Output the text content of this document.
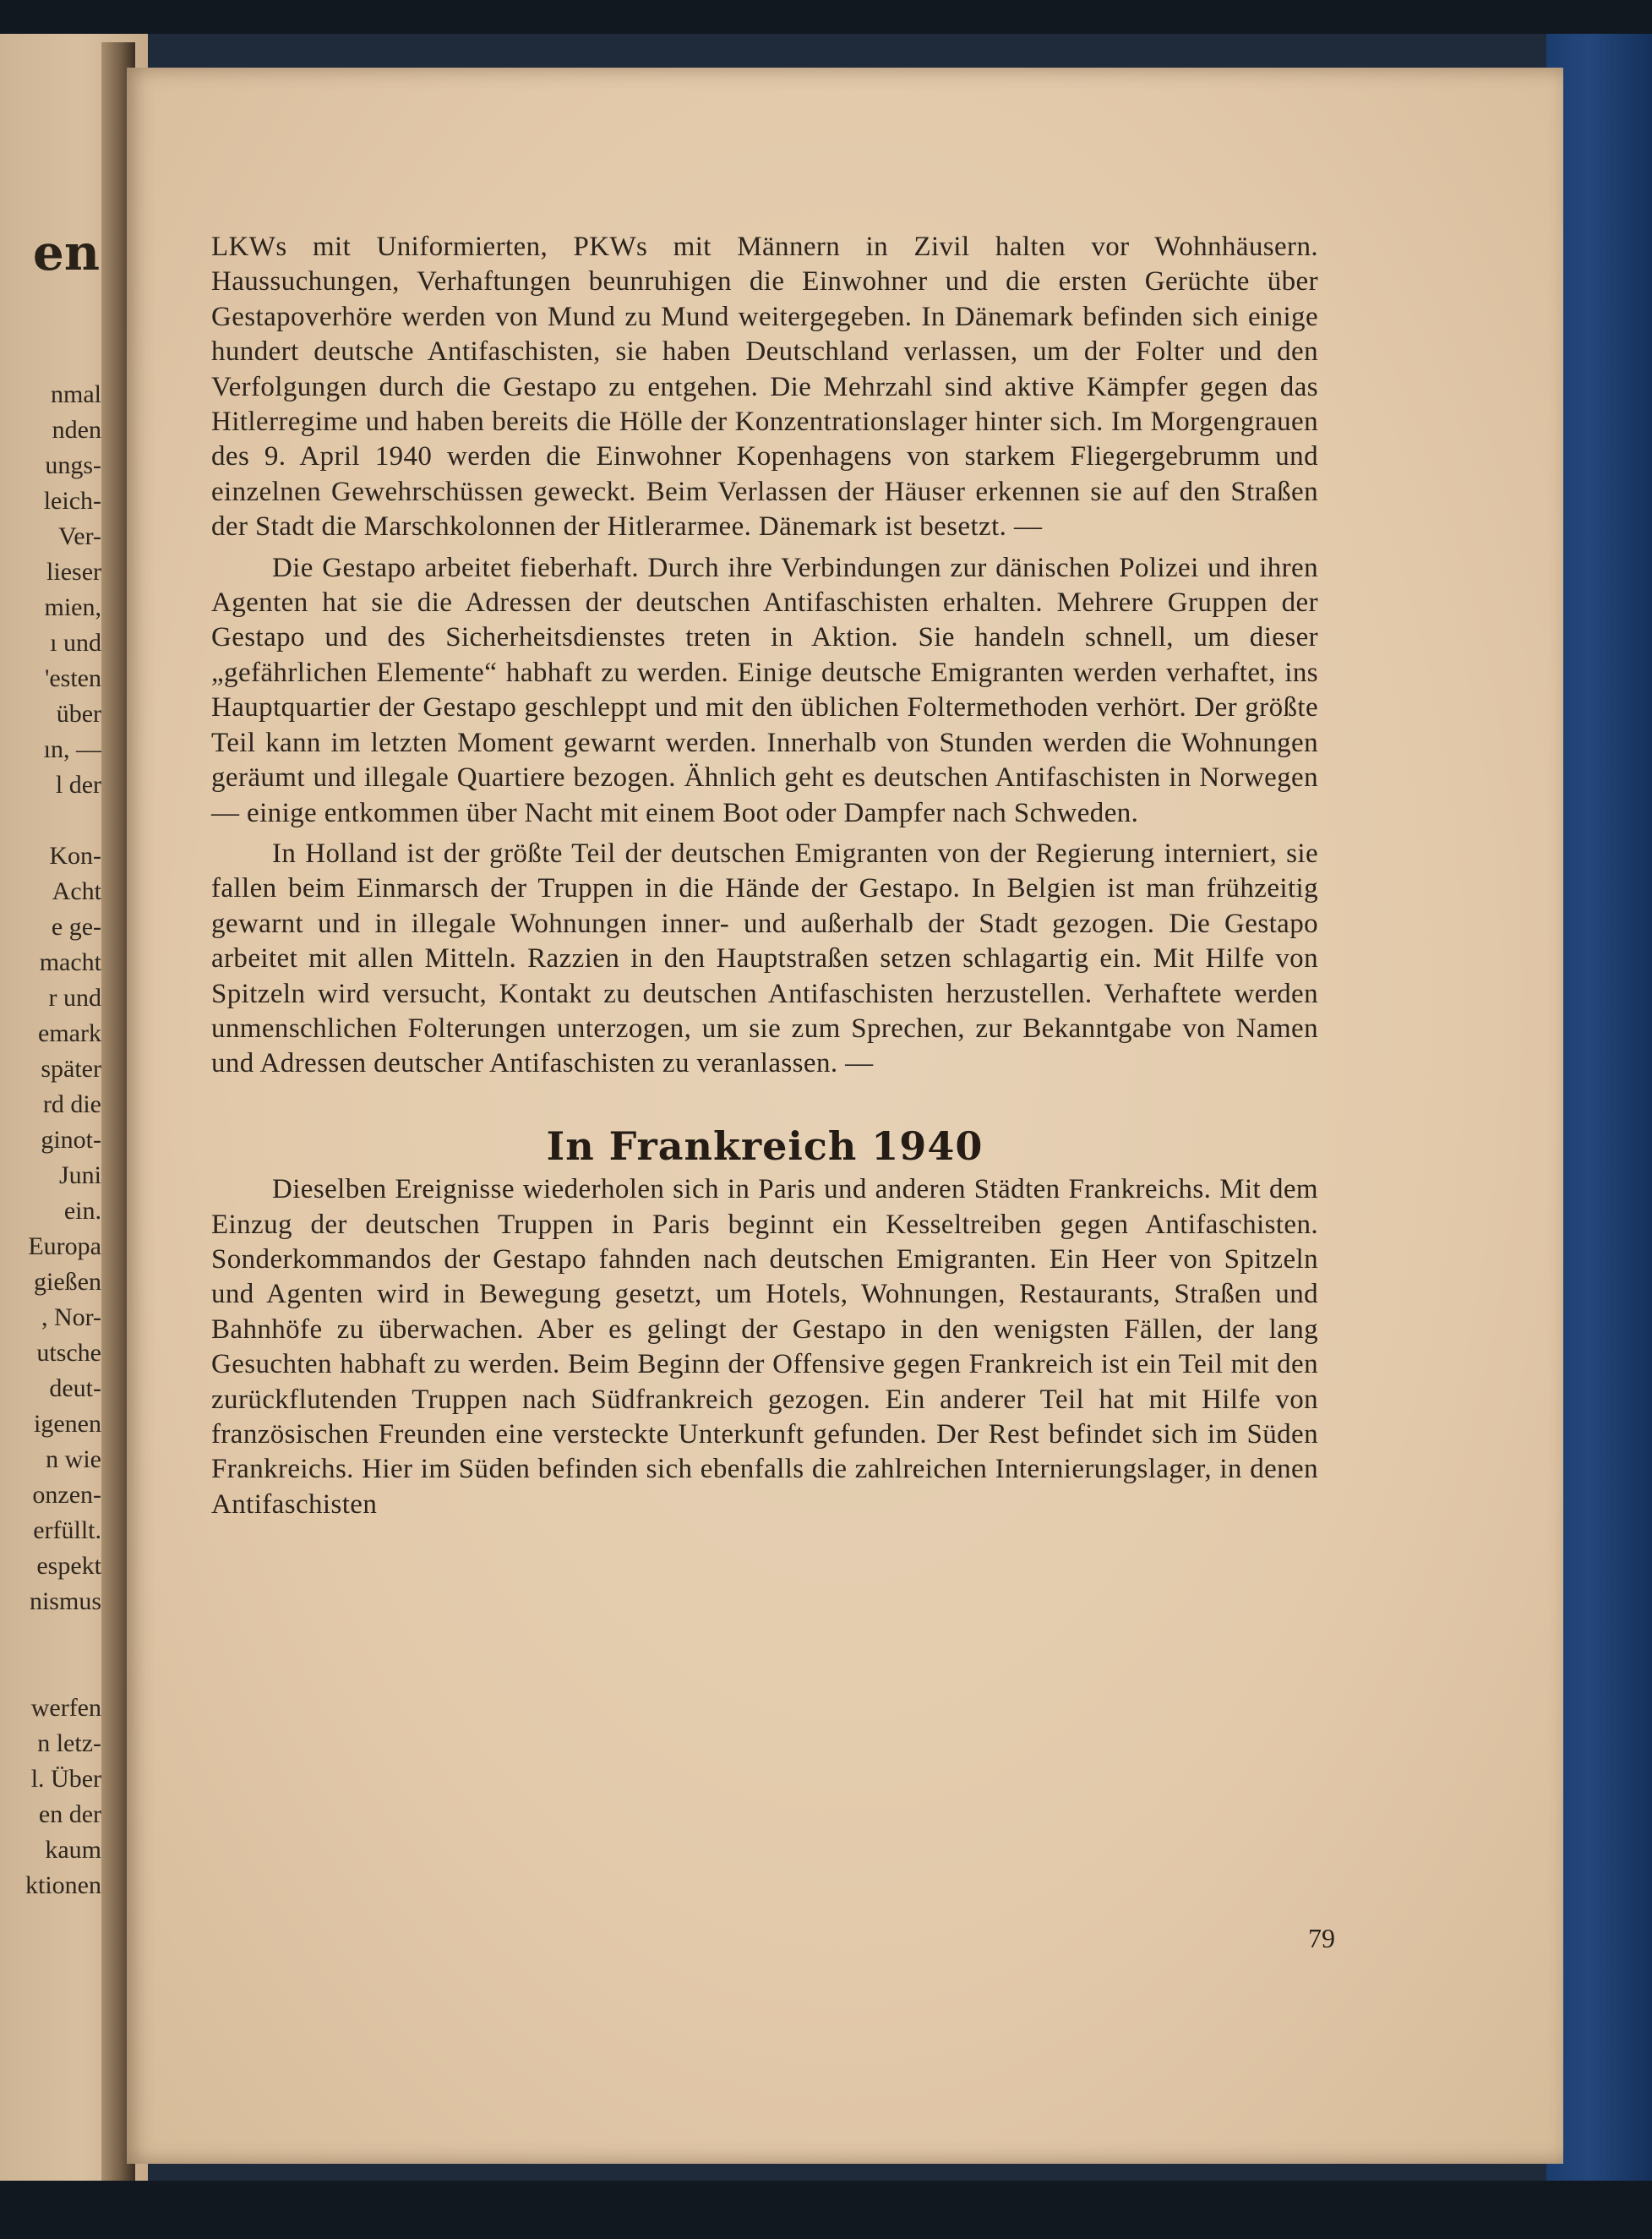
en
nmal
nden
ungs-
leich-
Ver-
lieser
mien,
ı und
'esten
über
ın, —
l der
Kon-
Acht
e ge-
macht
r und
emark
später
rd die
ginot-
Juni
ein.
Europa
gießen
, Nor-
utsche
deut-
igenen
n wie
onzen-
erfüllt.
espekt
nismus
werfen
n letz-
l. Über
en der
kaum
ktionen

LKWs mit Uniformierten, PKWs mit Männern in Zivil halten vor Wohnhäusern. Haussuchungen, Verhaftungen beunruhigen die Einwohner und die ersten Gerüchte über Gestapoverhöre werden von Mund zu Mund weitergegeben. In Dänemark befinden sich einige hundert deutsche Antifaschisten, sie haben Deutschland verlassen, um der Folter und den Verfolgungen durch die Gestapo zu entgehen. Die Mehrzahl sind aktive Kämpfer gegen das Hitlerregime und haben bereits die Hölle der Konzentrationslager hinter sich. Im Morgengrauen des 9. April 1940 werden die Einwohner Kopenhagens von starkem Fliegergebrumm und einzelnen Gewehrschüssen geweckt. Beim Verlassen der Häuser erkennen sie auf den Straßen der Stadt die Marschkolonnen der Hitlerarmee. Dänemark ist besetzt. —

Die Gestapo arbeitet fieberhaft. Durch ihre Verbindungen zur dänischen Polizei und ihren Agenten hat sie die Adressen der deutschen Antifaschisten erhalten. Mehrere Gruppen der Gestapo und des Sicherheitsdienstes treten in Aktion. Sie handeln schnell, um dieser „gefährlichen Elemente“ habhaft zu werden. Einige deutsche Emigranten werden verhaftet, ins Hauptquartier der Gestapo geschleppt und mit den üblichen Foltermethoden verhört. Der größte Teil kann im letzten Moment gewarnt werden. Innerhalb von Stunden werden die Wohnungen geräumt und illegale Quartiere bezogen. Ähnlich geht es deutschen Antifaschisten in Norwegen — einige entkommen über Nacht mit einem Boot oder Dampfer nach Schweden.

In Holland ist der größte Teil der deutschen Emigranten von der Regierung interniert, sie fallen beim Einmarsch der Truppen in die Hände der Gestapo. In Belgien ist man frühzeitig gewarnt und in illegale Wohnungen inner- und außerhalb der Stadt gezogen. Die Gestapo arbeitet mit allen Mitteln. Razzien in den Hauptstraßen setzen schlagartig ein. Mit Hilfe von Spitzeln wird versucht, Kontakt zu deutschen Antifaschisten herzustellen. Verhaftete werden unmenschlichen Folterungen unterzogen, um sie zum Sprechen, zur Bekanntgabe von Namen und Adressen deutscher Antifaschisten zu veranlassen. —

In Frankreich 1940

Dieselben Ereignisse wiederholen sich in Paris und anderen Städten Frankreichs. Mit dem Einzug der deutschen Truppen in Paris beginnt ein Kesseltreiben gegen Antifaschisten. Sonderkommandos der Gestapo fahnden nach deutschen Emigranten. Ein Heer von Spitzeln und Agenten wird in Bewegung gesetzt, um Hotels, Wohnungen, Restaurants, Straßen und Bahnhöfe zu überwachen. Aber es gelingt der Gestapo in den wenigsten Fällen, der lang Gesuchten habhaft zu werden. Beim Beginn der Offensive gegen Frankreich ist ein Teil mit den zurückflutenden Truppen nach Südfrankreich gezogen. Ein anderer Teil hat mit Hilfe von französischen Freunden eine versteckte Unterkunft gefunden. Der Rest befindet sich im Süden Frankreichs. Hier im Süden befinden sich ebenfalls die zahlreichen Internierungslager, in denen Antifaschisten

79
